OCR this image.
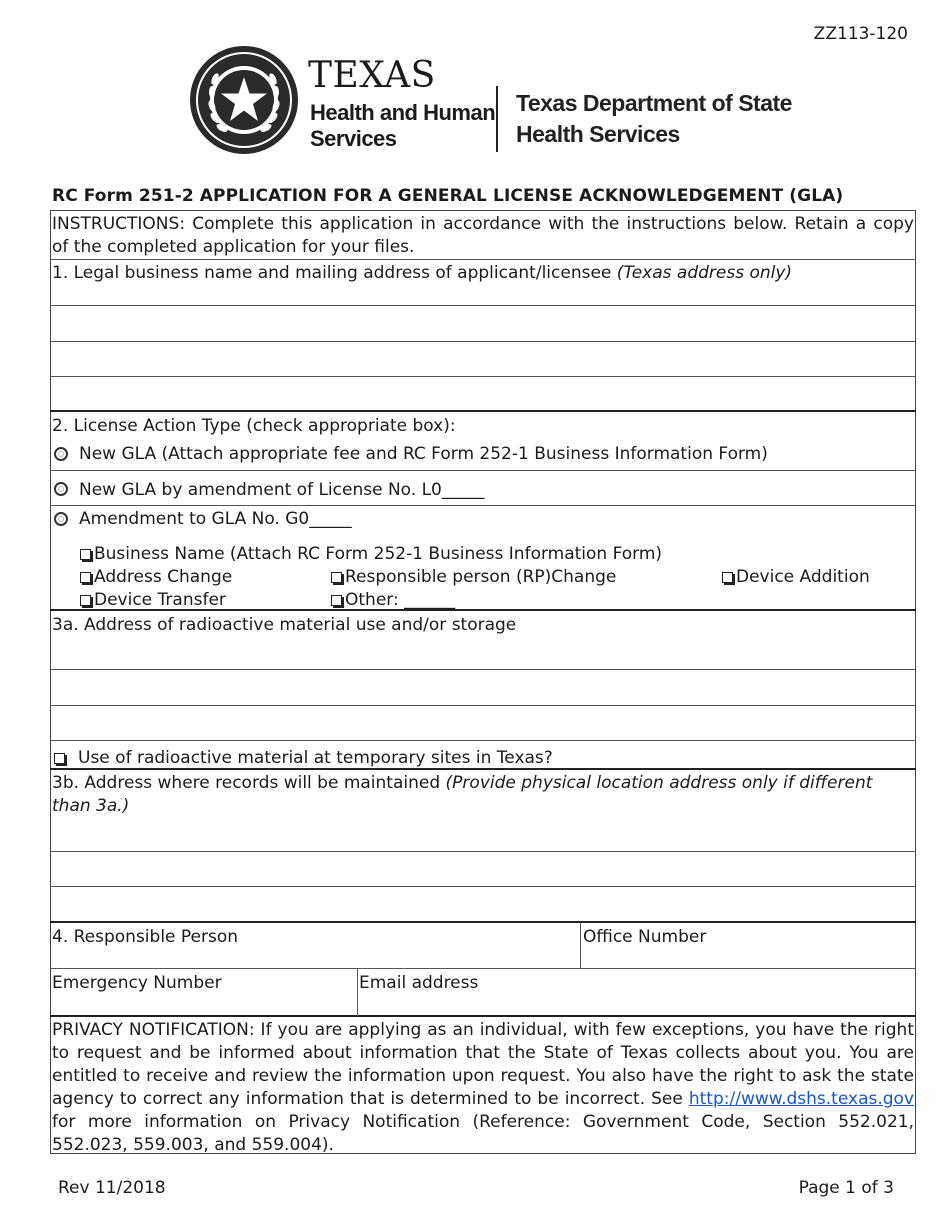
ZZ113-120
TEXAS
Health and Human
Services
Texas Department of State
Health Services
RC Form 251-2 APPLICATION FOR A GENERAL LICENSE ACKNOWLEDGEMENT (GLA)
INSTRUCTIONS: Complete this application in accordance with the instructions below. Retain a copy of the completed application for your files.
1. Legal business name and mailing address of applicant/licensee (Texas address only)
2. License Action Type (check appropriate box):
New GLA (Attach appropriate fee and RC Form 252-1 Business Information Form)
New GLA by amendment of License No. L0_____
Amendment to GLA No. G0_____
Business Name (Attach RC Form 252-1 Business Information Form)
Address Change	Responsible person (RP)Change	Device Addition
Device Transfer	Other: ______
3a. Address of radioactive material use and/or storage
Use of radioactive material at temporary sites in Texas?
3b. Address where records will be maintained (Provide physical location address only if different than 3a.)
4. Responsible Person	Office Number
Emergency Number	Email address
PRIVACY NOTIFICATION: If you are applying as an individual, with few exceptions, you have the right to request and be informed about information that the State of Texas collects about you. You are entitled to receive and review the information upon request. You also have the right to ask the state agency to correct any information that is determined to be incorrect. See http://www.dshs.texas.gov for more information on Privacy Notification (Reference: Government Code, Section 552.021, 552.023, 559.003, and 559.004).
Rev 11/2018	Page 1 of 3
